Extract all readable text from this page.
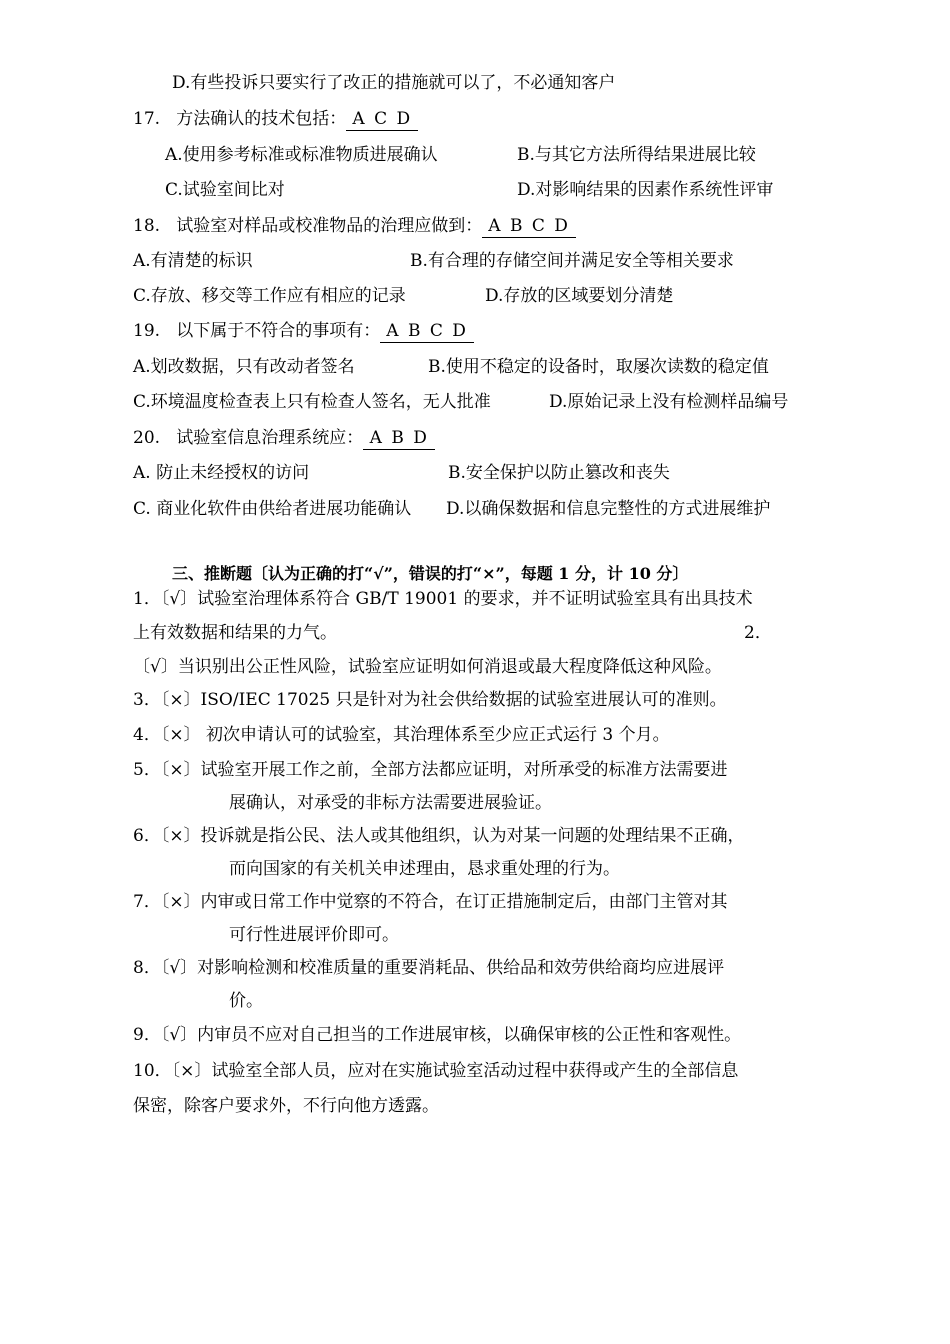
D.有些投诉只要实行了改正的措施就可以了，不必通知客户
17. 方法确认的技术包括： A C D
A.使用参考标准或标准物质进展确认	B.与其它方法所得结果进展比较
C.试验室间比对	D.对影响结果的因素作系统性评审
18. 试验室对样品或校准物品的治理应做到： A B C D
A.有清楚的标识	B.有合理的存储空间并满足安全等相关要求
C.存放、移交等工作应有相应的记录	D.存放的区域要划分清楚
19. 以下属于不符合的事项有： A B C D
A.划改数据，只有改动者签名	B.使用不稳定的设备时，取屡次读数的稳定值
C.环境温度检查表上只有检查人签名，无人批准	D.原始记录上没有检测样品编号
20. 试验室信息治理系统应： A B D
A. 防止未经授权的访问	B.安全保护以防止篡改和丧失
C. 商业化软件由供给者进展功能确认 D.以确保数据和信息完整性的方式进展维护
三、推断题〔认为正确的打“√”，错误的打“×”，每题 1 分，计 10 分〕
1．〔√〕试验室治理体系符合 GB/T 19001 的要求，并不证明试验室具有出具技术
上有效数据和结果的力气。	2．
〔√〕当识别出公正性风险，试验室应证明如何消退或最大程度降低这种风险。
3．〔×〕ISO/IEC 17025 只是针对为社会供给数据的试验室进展认可的准则。
4．〔×〕 初次申请认可的试验室，其治理体系至少应正式运行 3 个月。
5．〔×〕试验室开展工作之前，全部方法都应证明，对所承受的标准方法需要进
展确认，对承受的非标方法需要进展验证。
6．〔×〕投诉就是指公民、法人或其他组织，认为对某一问题的处理结果不正确，
而向国家的有关机关申述理由，恳求重处理的行为。
7．〔×〕内审或日常工作中觉察的不符合，在订正措施制定后，由部门主管对其
可行性进展评价即可。
8．〔√〕对影响检测和校准质量的重要消耗品、供给品和效劳供给商均应进展评
价。
9．〔√〕内审员不应对自己担当的工作进展审核，以确保审核的公正性和客观性。
10．〔×〕试验室全部人员，应对在实施试验室活动过程中获得或产生的全部信息
保密，除客户要求外，不行向他方透露。
